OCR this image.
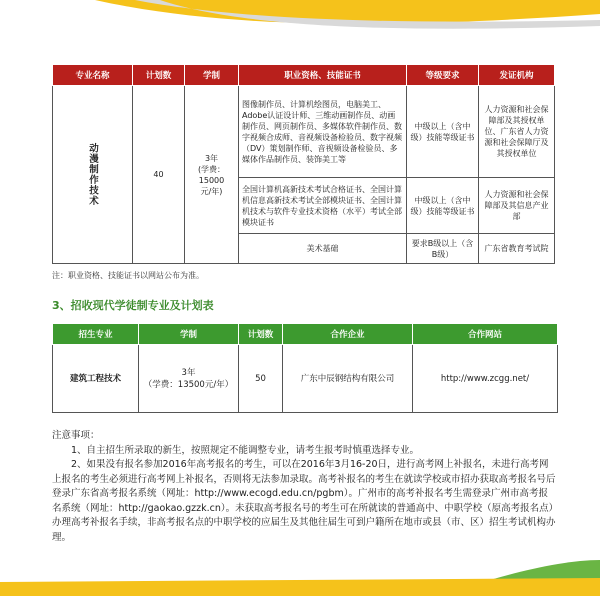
专业名称	计划数	学制	职业资格、技能证书	等级要求	发证机构

动漫制作技术	40	3年
(学费：
15000
元/年)	图像制作员、计算机绘图员，电脑美工、Adobe认证设计师、三维动画制作员、动画制作员、网页制作员、多媒体软件制作员、数字视频合成师、音视频设备检验员、数字视频（DV）策划制作师、音视频设备检验员、多媒体作品制作员、装饰美工等	中级以上（含中级）技能等级证书	人力资源和社会保障部及其授权单位、广东省人力资源和社会保障厅及其授权单位
			全国计算机高新技术考试合格证书、全国计算机信息高新技术考试全部模块证书、全国计算机技术与软件专业技术资格（水平）考试全部模块证书	中级以上（含中级）技能等级证书	人力资源和社会保障部及其信息产业部
			美术基础	要求B级以上（含B级）	广东省教育考试院
注：职业资格、技能证书以网站公布为准。
3、招收现代学徒制专业及计划表
招生专业	学制	计划数	合作企业	合作网站
建筑工程技术	3年
（学费：13500元/年）	50	广东中辰钢结构有限公司	http://www.zcgg.net/

注意事项：

1、自主招生所录取的新生，按照规定不能调整专业，请考生报考时慎重选择专业。

2、如果没有报名参加2016年高考报名的考生，可以在2016年3月16-20日，进行高考网上补报名，未进行高考网上报名的考生必须进行高考网上补报名，否则将无法参加录取。高考补报名的考生在就读学校或市招办获取高考报名号后登录广东省高考报名系统（网址：http://www.ecogd.edu.cn/pgbm）。广州市的高考补报名考生需登录广州市高考报名系统（网址：http://gaokao.gzzk.cn）。未获取高考报名号的考生可在所就读的普通高中、中职学校（原高考报名点）办理高考补报名手续，非高考报名点的中职学校的应届生及其他往届生可到户籍所在地市或县（市、区）招生考试机构办理。
